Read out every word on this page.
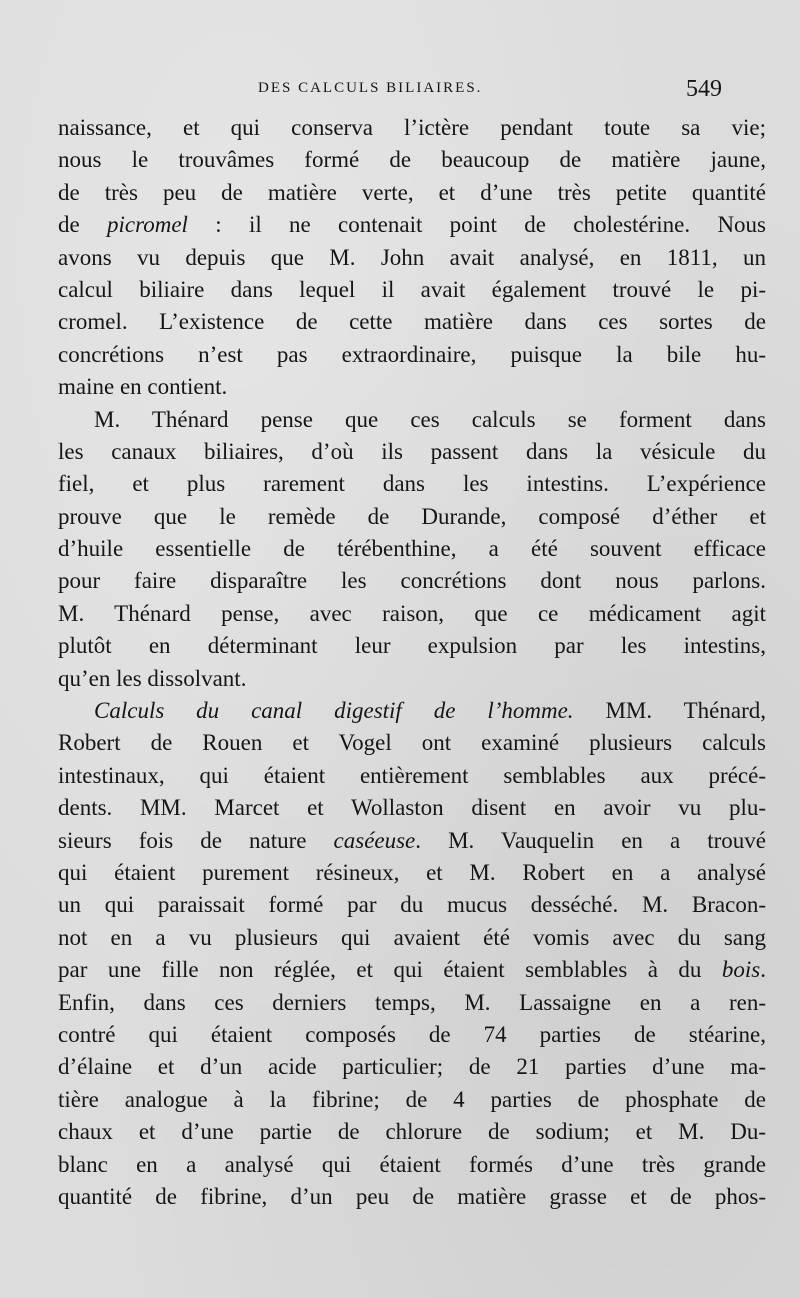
DES CALCULS BILIAIRES.	549
naissance, et qui conserva l’ictère pendant toute sa vie;
nous le trouvâmes formé de beaucoup de matière jaune,
de très peu de matière verte, et d’une très petite quantité
de picromel : il ne contenait point de cholestérine. Nous
avons vu depuis que M. John avait analysé, en 1811, un
calcul biliaire dans lequel il avait également trouvé le pi-
cromel. L’existence de cette matière dans ces sortes de
concrétions n’est pas extraordinaire, puisque la bile hu-
maine en contient.
M. Thénard pense que ces calculs se forment dans
les canaux biliaires, d’où ils passent dans la vésicule du
fiel, et plus rarement dans les intestins. L’expérience
prouve que le remède de Durande, composé d’éther et
d’huile essentielle de térébenthine, a été souvent efficace
pour faire disparaître les concrétions dont nous parlons.
M. Thénard pense, avec raison, que ce médicament agit
plutôt en déterminant leur expulsion par les intestins,
qu’en les dissolvant.
Calculs du canal digestif de l’homme. MM. Thénard,
Robert de Rouen et Vogel ont examiné plusieurs calculs
intestinaux, qui étaient entièrement semblables aux précé-
dents. MM. Marcet et Wollaston disent en avoir vu plu-
sieurs fois de nature caséeuse. M. Vauquelin en a trouvé
qui étaient purement résineux, et M. Robert en a analysé
un qui paraissait formé par du mucus desséché. M. Bracon-
not en a vu plusieurs qui avaient été vomis avec du sang
par une fille non réglée, et qui étaient semblables à du bois.
Enfin, dans ces derniers temps, M. Lassaigne en a ren-
contré qui étaient composés de 74 parties de stéarine,
d’élaine et d’un acide particulier; de 21 parties d’une ma-
tière analogue à la fibrine; de 4 parties de phosphate de
chaux et d’une partie de chlorure de sodium; et M. Du-
blanc en a analysé qui étaient formés d’une très grande
quantité de fibrine, d’un peu de matière grasse et de phos-
